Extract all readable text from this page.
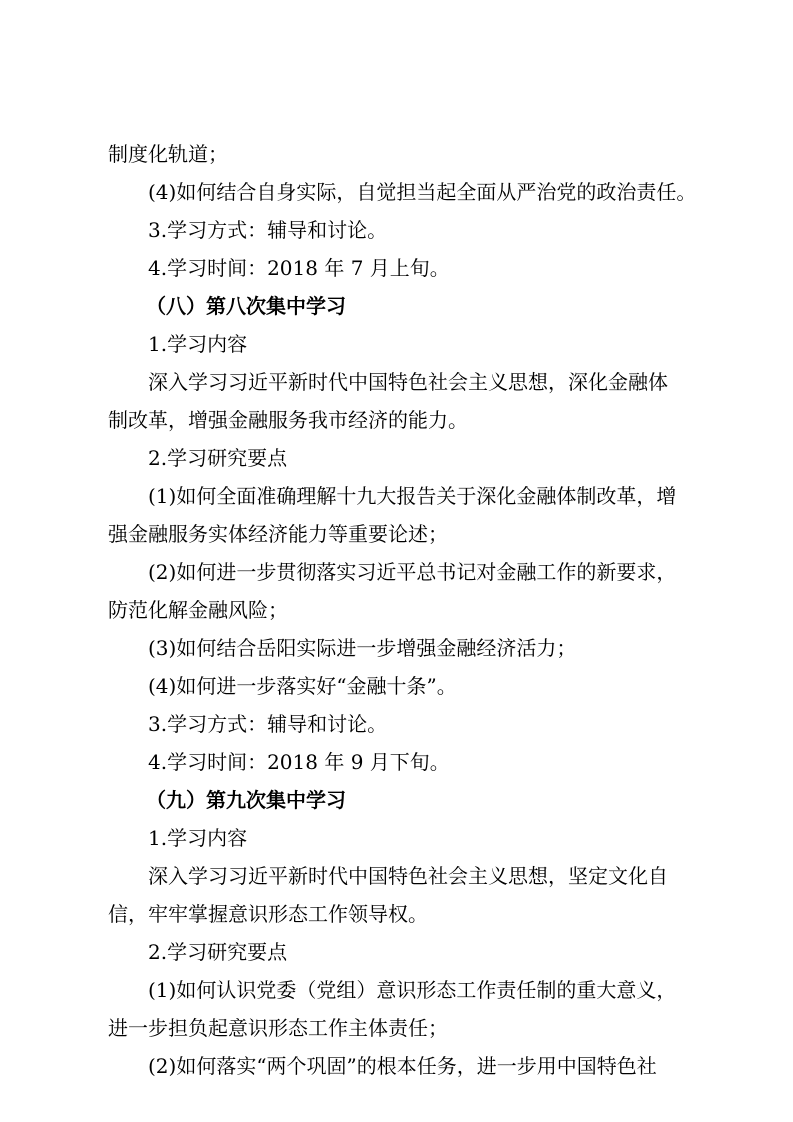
制度化轨道；
(4)如何结合自身实际，自觉担当起全面从严治党的政治责任。
3.学习方式：辅导和讨论。
4.学习时间：2018 年 7 月上旬。
（八）第八次集中学习
1.学习内容
深入学习习近平新时代中国特色社会主义思想，深化金融体
制改革，增强金融服务我市经济的能力。
2.学习研究要点
(1)如何全面准确理解十九大报告关于深化金融体制改革，增
强金融服务实体经济能力等重要论述；
(2)如何进一步贯彻落实习近平总书记对金融工作的新要求，
防范化解金融风险；
(3)如何结合岳阳实际进一步增强金融经济活力；
(4)如何进一步落实好“金融十条”。
3.学习方式：辅导和讨论。
4.学习时间：2018 年 9 月下旬。
（九）第九次集中学习
1.学习内容
深入学习习近平新时代中国特色社会主义思想，坚定文化自
信，牢牢掌握意识形态工作领导权。
2.学习研究要点
(1)如何认识党委（党组）意识形态工作责任制的重大意义，
进一步担负起意识形态工作主体责任；
(2)如何落实“两个巩固”的根本任务，进一步用中国特色社
